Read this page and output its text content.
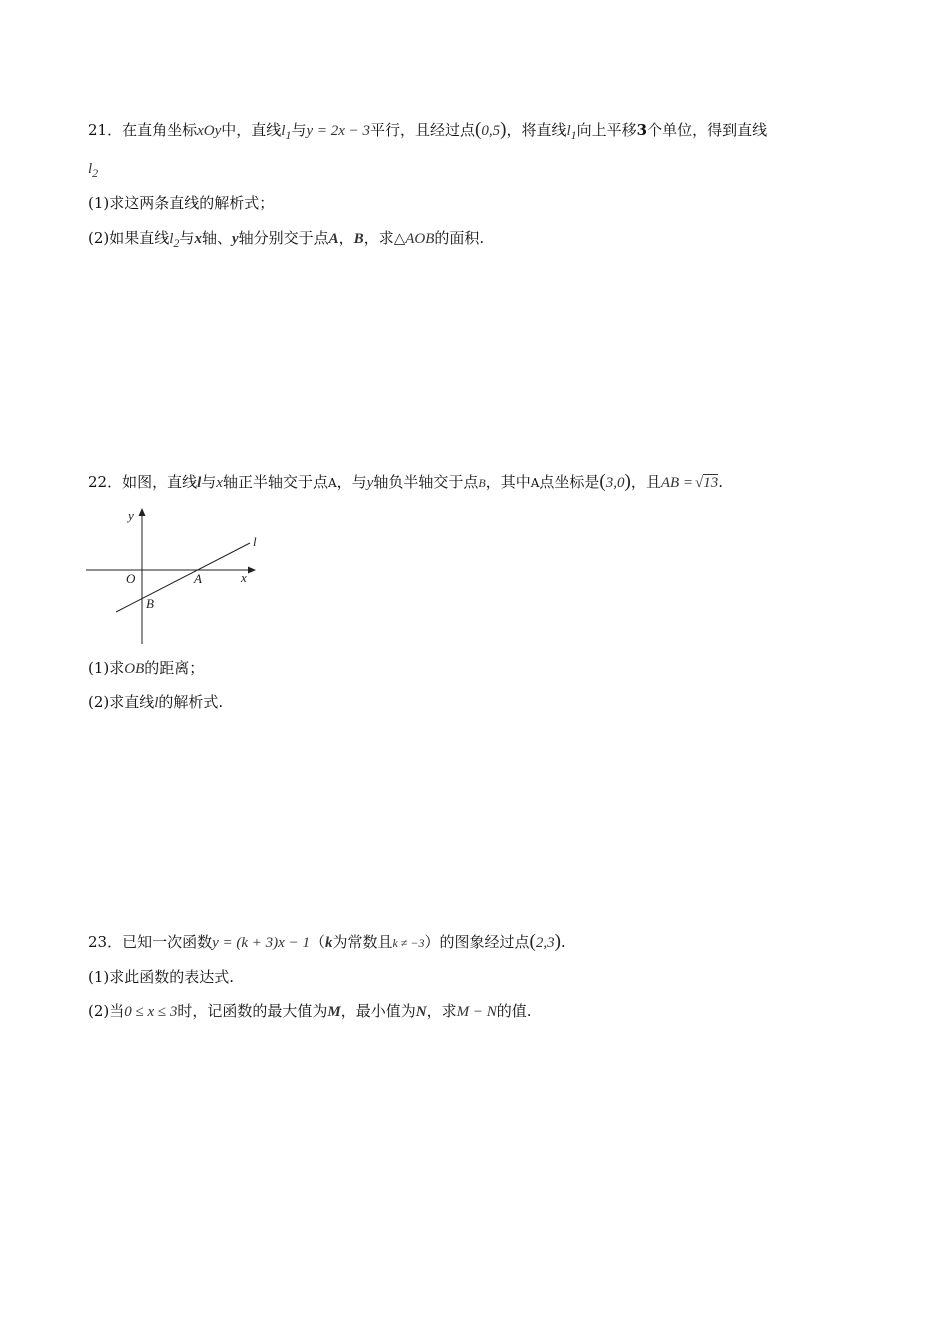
21．在直角坐标xOy中，直线$l_1$与y = 2x − 3平行，且经过点(0,5)，将直线$l_1$向上平移3个单位，得到直线
$l_2$
(1)求这两条直线的解析式；
(2)如果直线$l_2$与x轴、y轴分别交于点A，B，求△AOB的面积.
22．如图，直线l与x轴正半轴交于点A，与y轴负半轴交于点B，其中A点坐标是(3,0)，且AB = √13.
y
x
O	A
B
l
(1)求OB的距离；
(2)求直线l的解析式.
23．已知一次函数y = (k + 3)x − 1（k为常数且k ≠ −3）的图象经过点(2,3).
(1)求此函数的表达式.
(2)当0 ≤ x ≤ 3时，记函数的最大值为M，最小值为N，求M − N的值.
